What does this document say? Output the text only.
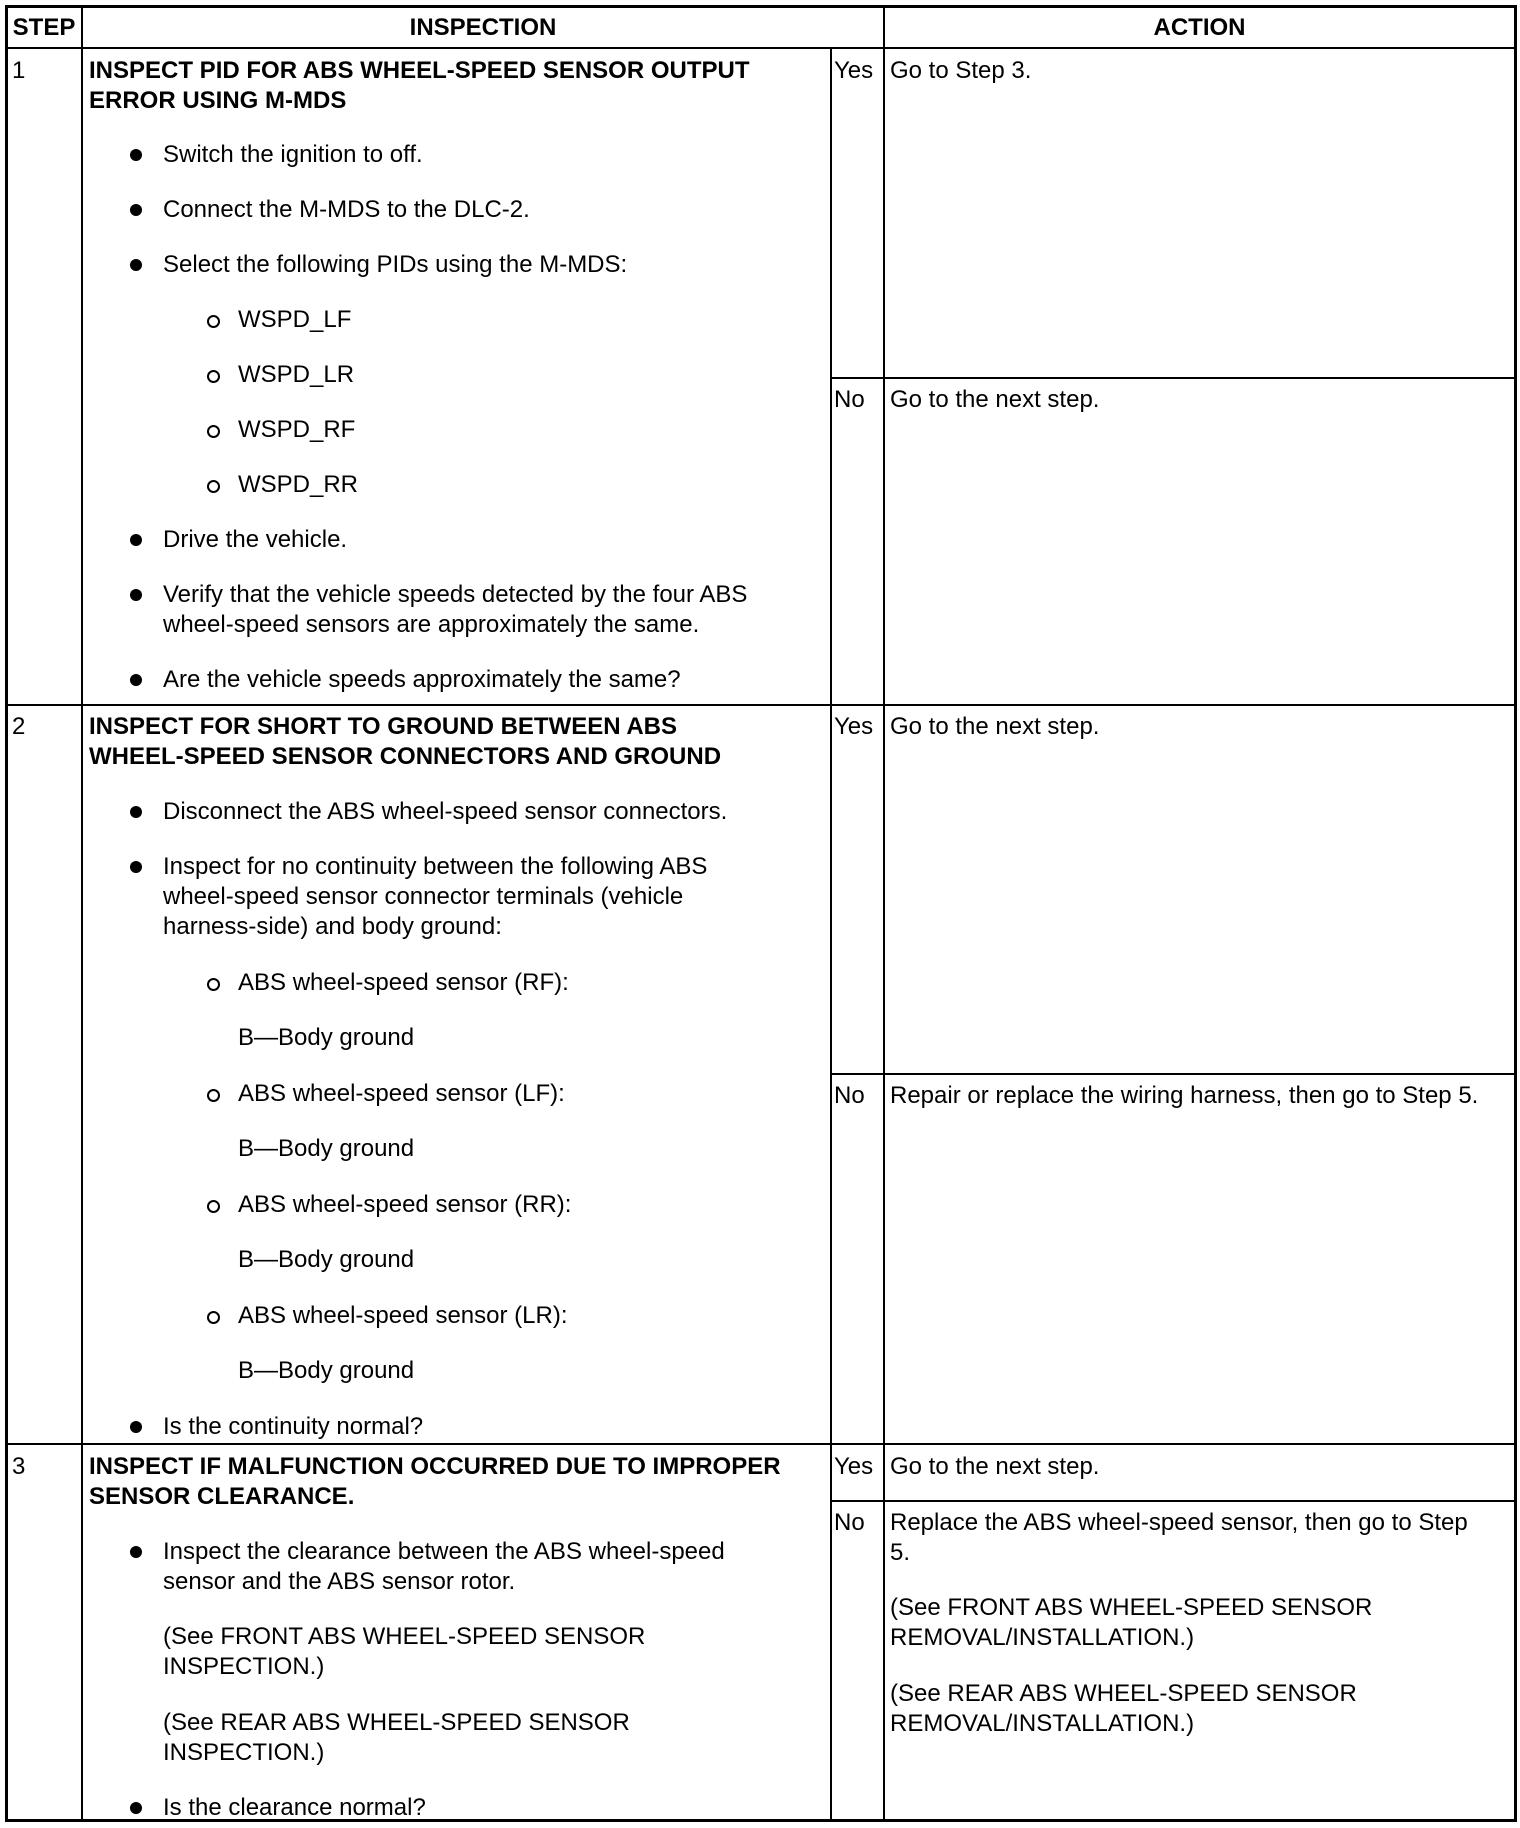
STEP	INSPECTION	ACTION
1	INSPECT PID FOR ABS WHEEL-SPEED SENSOR OUTPUT
ERROR USING M-MDS
Switch the ignition to off.
Connect the M-MDS to the DLC-2.
Select the following PIDs using the M-MDS:
WSPD_LF
WSPD_LR
WSPD_RF
WSPD_RR
Drive the vehicle.
Verify that the vehicle speeds detected by the four ABS
wheel-speed sensors are approximately the same.
Are the vehicle speeds approximately the same?
Yes Go to Step 3.
No Go to the next step.
2	INSPECT FOR SHORT TO GROUND BETWEEN ABS
WHEEL-SPEED SENSOR CONNECTORS AND GROUND
Disconnect the ABS wheel-speed sensor connectors.
Inspect for no continuity between the following ABS
wheel-speed sensor connector terminals (vehicle
harness-side) and body ground:
ABS wheel-speed sensor (RF):
B—Body ground
ABS wheel-speed sensor (LF):
B—Body ground
ABS wheel-speed sensor (RR):
B—Body ground
ABS wheel-speed sensor (LR):
B—Body ground
Is the continuity normal?
Yes Go to the next step.
No Repair or replace the wiring harness, then go to Step 5.
3	INSPECT IF MALFUNCTION OCCURRED DUE TO IMPROPER
SENSOR CLEARANCE.
Inspect the clearance between the ABS wheel-speed
sensor and the ABS sensor rotor.
(See FRONT ABS WHEEL-SPEED SENSOR
INSPECTION.)
(See REAR ABS WHEEL-SPEED SENSOR
INSPECTION.)
Is the clearance normal?
Yes Go to the next step.
No Replace the ABS wheel-speed sensor, then go to Step
5.
(See FRONT ABS WHEEL-SPEED SENSOR
REMOVAL/INSTALLATION.)
(See REAR ABS WHEEL-SPEED SENSOR
REMOVAL/INSTALLATION.)
